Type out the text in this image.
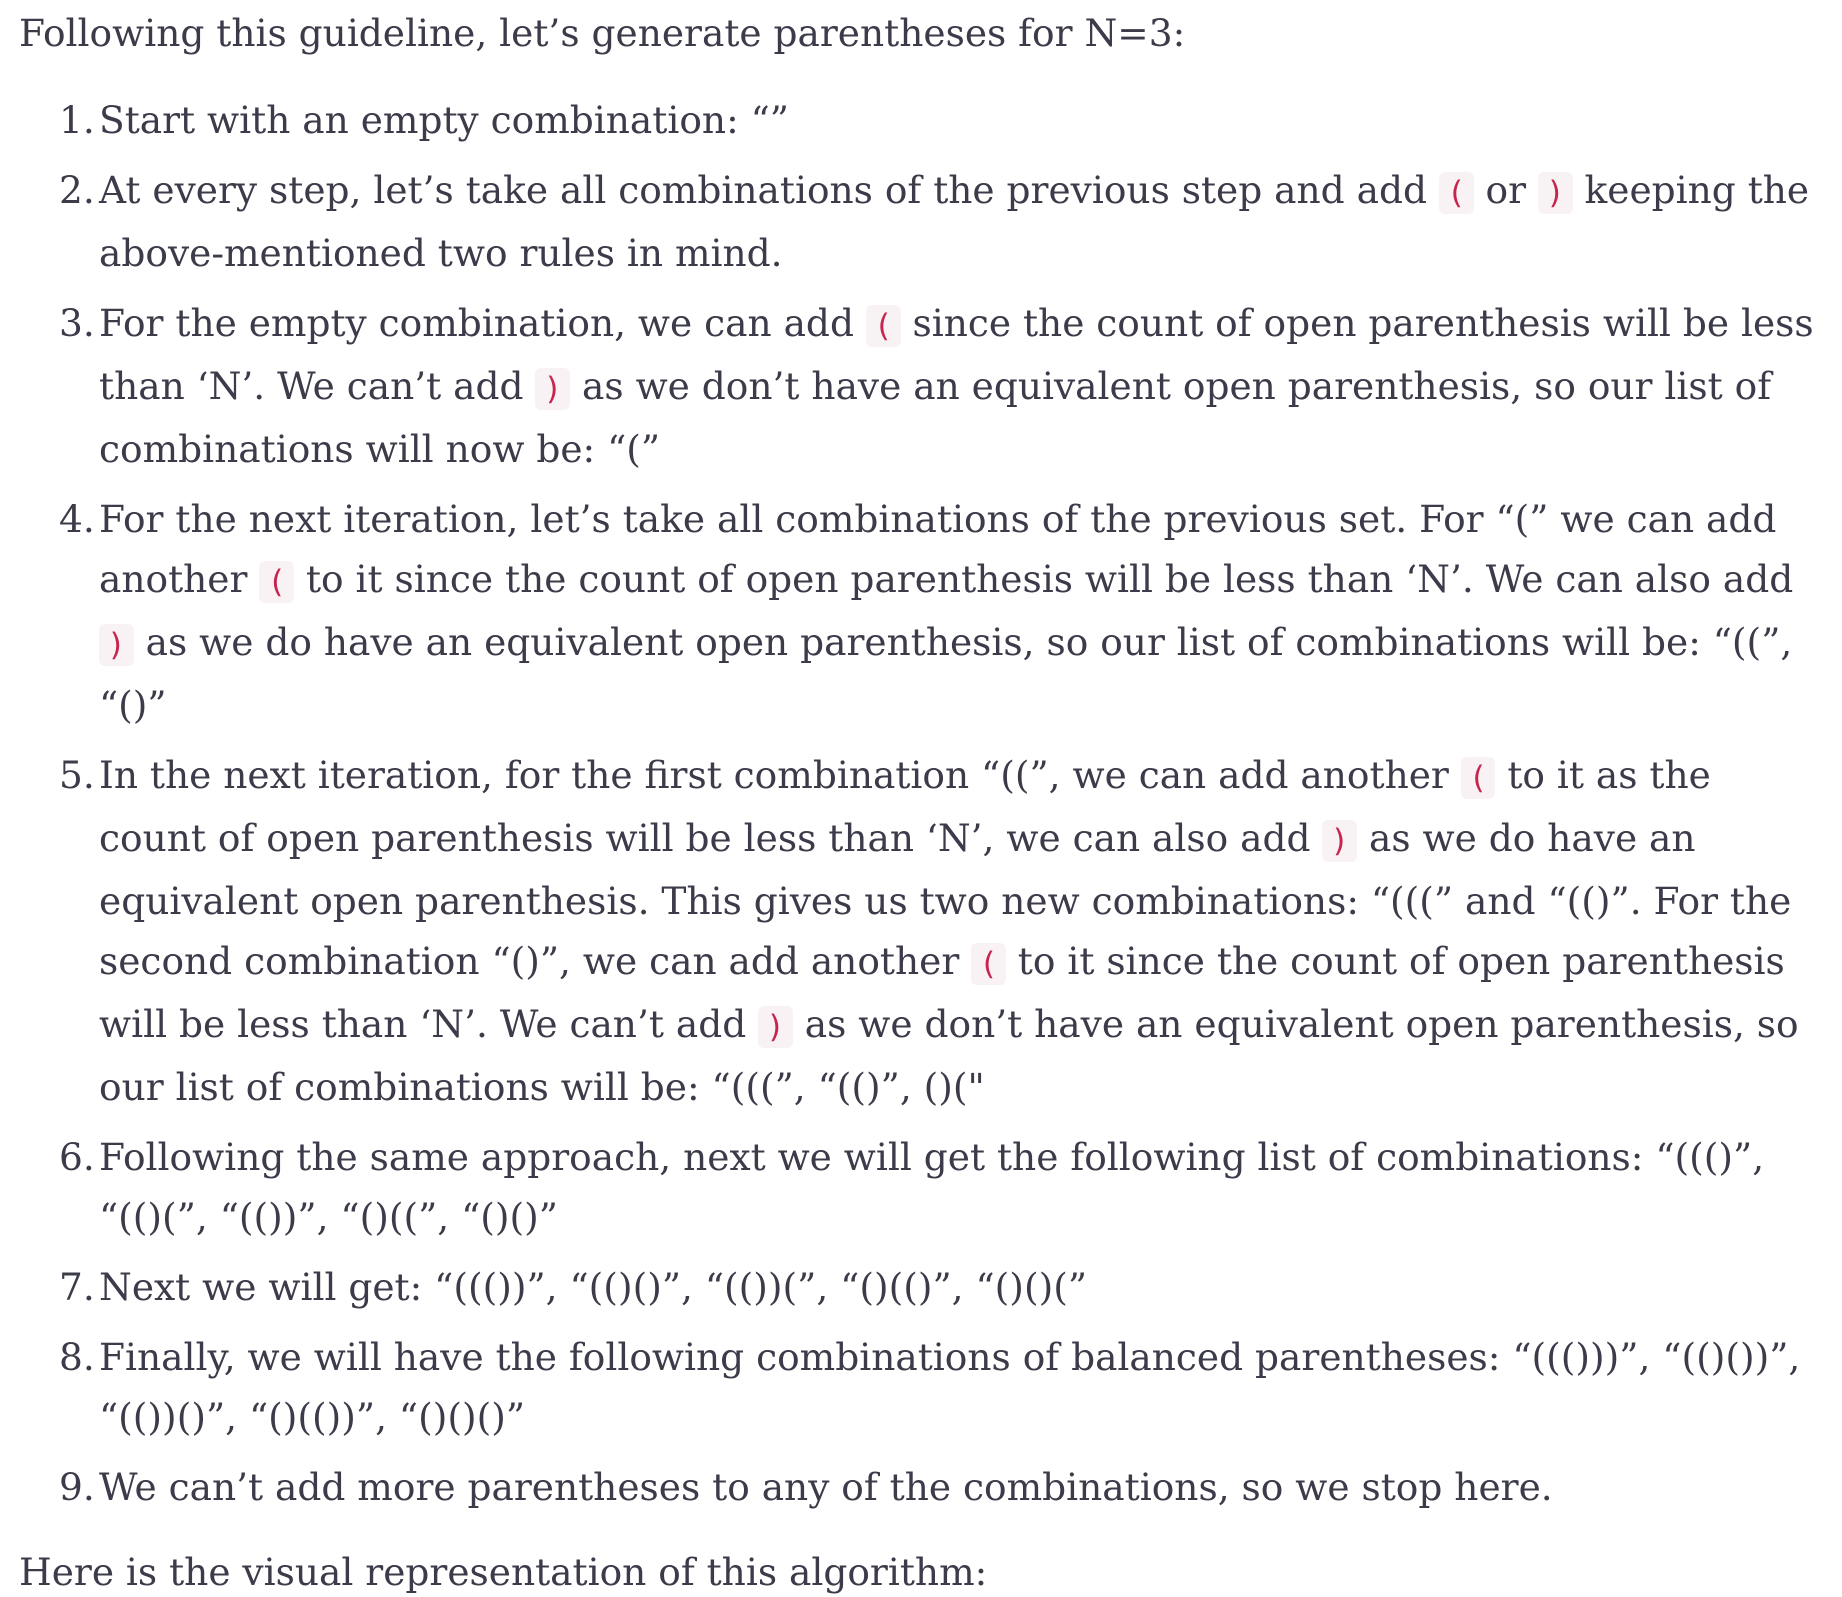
Following this guideline, let’s generate parentheses for N=3:

1. Start with an empty combination: “”
2. At every step, let’s take all combinations of the previous step and add ( or ) keeping the above-mentioned two rules in mind.
3. For the empty combination, we can add ( since the count of open parenthesis will be less than ‘N’. We can’t add ) as we don’t have an equivalent open parenthesis, so our list of combinations will now be: “(”
4. For the next iteration, let’s take all combinations of the previous set. For “(” we can add another ( to it since the count of open parenthesis will be less than ‘N’. We can also add ) as we do have an equivalent open parenthesis, so our list of combinations will be: “((”, “()”
5. In the next iteration, for the first combination “((”, we can add another ( to it as the count of open parenthesis will be less than ‘N’, we can also add ) as we do have an equivalent open parenthesis. This gives us two new combinations: “(((” and “(()”. For the second combination “()”, we can add another ( to it since the count of open parenthesis will be less than ‘N’. We can’t add ) as we don’t have an equivalent open parenthesis, so our list of combinations will be: “(((”, “(()”, ()("
6. Following the same approach, next we will get the following list of combinations: “((()”, “(()(”, “(())”, “()((”, “()()”
7. Next we will get: “((())”, “(()()”, “(())(”, “()(()”, “()()(”
8. Finally, we will have the following combinations of balanced parentheses: “((()))”, “(()())”, “(())()”, “()(())”, “()()()”
9. We can’t add more parentheses to any of the combinations, so we stop here.

Here is the visual representation of this algorithm:
